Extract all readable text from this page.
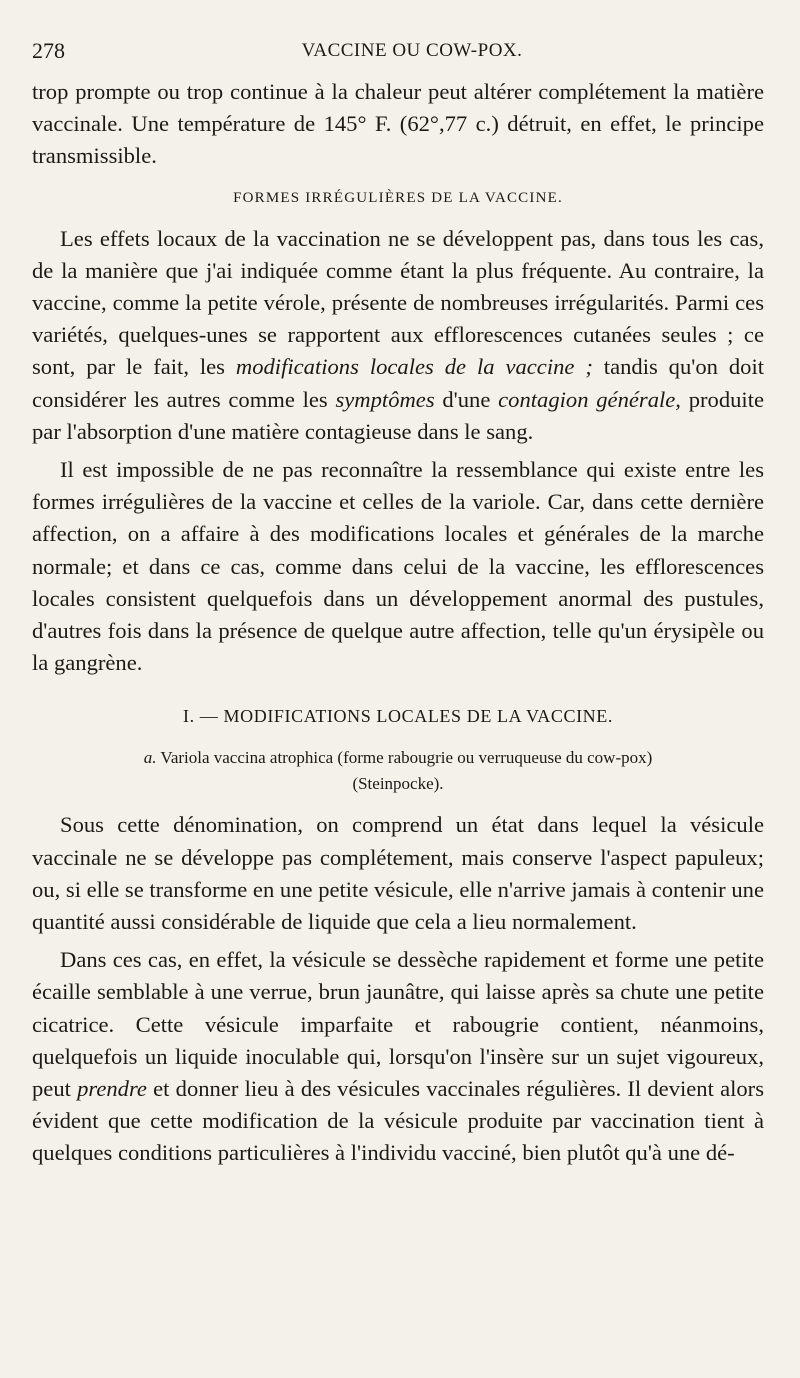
278	VACCINE OU COW-POX.

trop prompte ou trop continue à la chaleur peut altérer complétement la matière vaccinale. Une température de 145° F. (62°,77 c.) détruit, en effet, le principe transmissible.

FORMES IRRÉGULIÈRES DE LA VACCINE.

Les effets locaux de la vaccination ne se développent pas, dans tous les cas, de la manière que j'ai indiquée comme étant la plus fréquente. Au contraire, la vaccine, comme la petite vérole, présente de nombreuses irrégularités. Parmi ces variétés, quelques-unes se rapportent aux efflorescences cutanées seules ; ce sont, par le fait, les modifications locales de la vaccine ; tandis qu'on doit considérer les autres comme les symptômes d'une contagion générale, produite par l'absorption d'une matière contagieuse dans le sang.

Il est impossible de ne pas reconnaître la ressemblance qui existe entre les formes irrégulières de la vaccine et celles de la variole. Car, dans cette dernière affection, on a affaire à des modifications locales et générales de la marche normale; et dans ce cas, comme dans celui de la vaccine, les efflorescences locales consistent quelquefois dans un développement anormal des pustules, d'autres fois dans la présence de quelque autre affection, telle qu'un érysipèle ou la gangrène.

I. — MODIFICATIONS LOCALES DE LA VACCINE.
a. Variola vaccina atrophica (forme rabougrie ou verruqueuse du cow-pox)
(Steinpocke).

Sous cette dénomination, on comprend un état dans lequel la vésicule vaccinale ne se développe pas complétement, mais conserve l'aspect papuleux; ou, si elle se transforme en une petite vésicule, elle n'arrive jamais à contenir une quantité aussi considérable de liquide que cela a lieu normalement.

Dans ces cas, en effet, la vésicule se dessèche rapidement et forme une petite écaille semblable à une verrue, brun jaunâtre, qui laisse après sa chute une petite cicatrice. Cette vésicule imparfaite et rabougrie contient, néanmoins, quelquefois un liquide inoculable qui, lorsqu'on l'insère sur un sujet vigoureux, peut prendre et donner lieu à des vésicules vaccinales régulières. Il devient alors évident que cette modification de la vésicule produite par vaccination tient à quelques conditions particulières à l'individu vacciné, bien plutôt qu'à une dé-
